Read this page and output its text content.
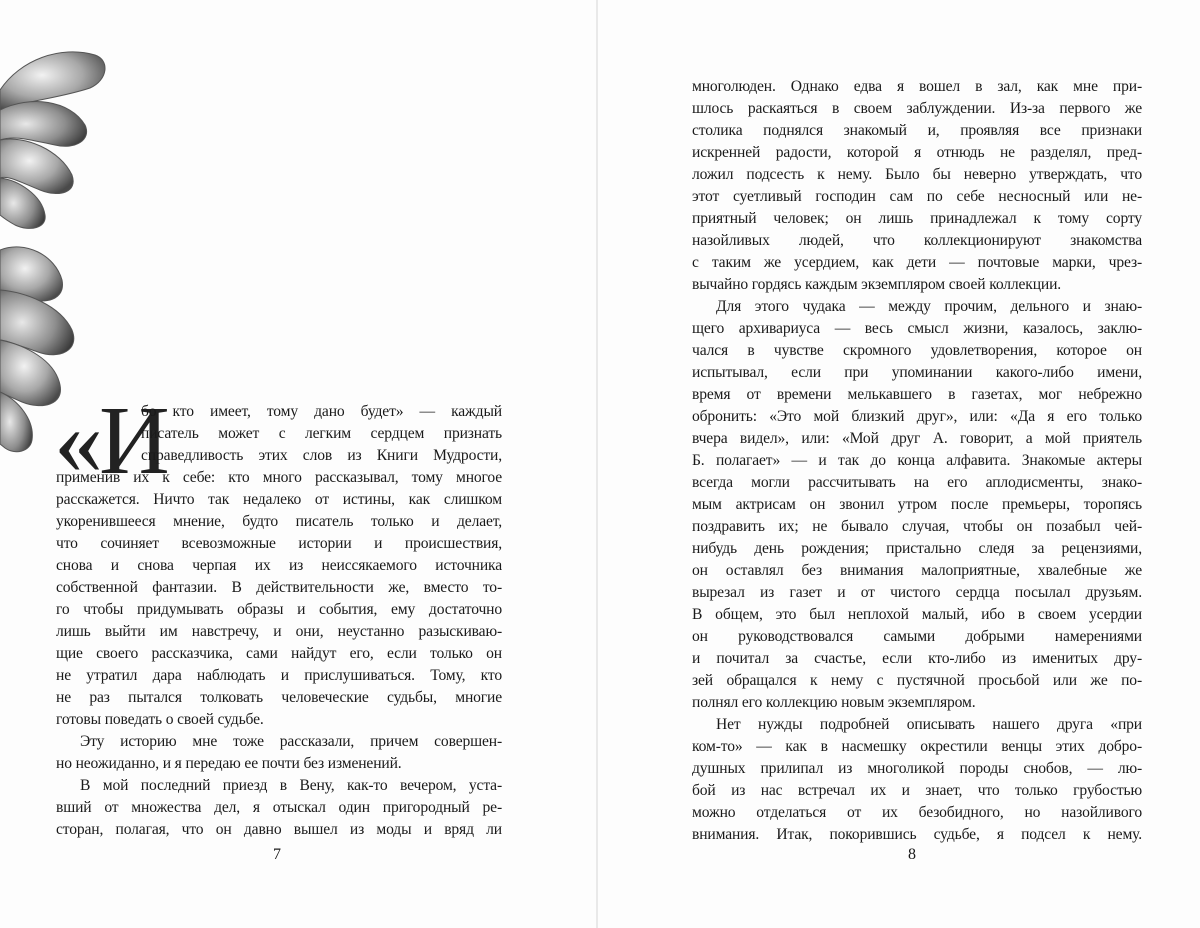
«И
бо кто имеет, тому дано будет» — каждый
писатель может с легким сердцем признать
справедливость этих слов из Книги Мудрости,
применив их к себе: кто много рассказывал, тому многое
расскажется. Ничто так недалеко от истины, как слишком
укоренившееся мнение, будто писатель только и делает,
что сочиняет всевозможные истории и происшествия,
снова и снова черпая их из неиссякаемого источника
собственной фантазии. В действительности же, вместо то-
го чтобы придумывать образы и события, ему достаточно
лишь выйти им навстречу, и они, неустанно разыскиваю-
щие своего рассказчика, сами найдут его, если только он
не утратил дара наблюдать и прислушиваться. Тому, кто
не раз пытался толковать человеческие судьбы, многие
готовы поведать о своей судьбе.
Эту историю мне тоже рассказали, причем совершен-
но неожиданно, и я передаю ее почти без изменений.
В мой последний приезд в Вену, как-то вечером, уста-
вший от множества дел, я отыскал один пригородный ре-
сторан, полагая, что он давно вышел из моды и вряд ли
7
многолюден. Однако едва я вошел в зал, как мне при-
шлось раскаяться в своем заблуждении. Из-за первого же
столика поднялся знакомый и, проявляя все признаки
искренней радости, которой я отнюдь не разделял, пред-
ложил подсесть к нему. Было бы неверно утверждать, что
этот суетливый господин сам по себе несносный или не-
приятный человек; он лишь принадлежал к тому сорту
назойливых людей, что коллекционируют знакомства
с таким же усердием, как дети — почтовые марки, чрез-
вычайно гордясь каждым экземпляром своей коллекции.
Для этого чудака — между прочим, дельного и знаю-
щего архивариуса — весь смысл жизни, казалось, заклю-
чался в чувстве скромного удовлетворения, которое он
испытывал, если при упоминании какого-либо имени,
время от времени мелькавшего в газетах, мог небрежно
обронить: «Это мой близкий друг», или: «Да я его только
вчера видел», или: «Мой друг А. говорит, а мой приятель
Б. полагает» — и так до конца алфавита. Знакомые актеры
всегда могли рассчитывать на его аплодисменты, знако-
мым актрисам он звонил утром после премьеры, торопясь
поздравить их; не бывало случая, чтобы он позабыл чей-
нибудь день рождения; пристально следя за рецензиями,
он оставлял без внимания малоприятные, хвалебные же
вырезал из газет и от чистого сердца посылал друзьям.
В общем, это был неплохой малый, ибо в своем усердии
он руководствовался самыми добрыми намерениями
и почитал за счастье, если кто-либо из именитых дру-
зей обращался к нему с пустячной просьбой или же по-
полнял его коллекцию новым экземпляром.
Нет нужды подробней описывать нашего друга «при
ком-то» — как в насмешку окрестили венцы этих добро-
душных прилипал из многоликой породы снобов, — лю-
бой из нас встречал их и знает, что только грубостью
можно отделаться от их безобидного, но назойливого
внимания. Итак, покорившись судьбе, я подсел к нему.
8
